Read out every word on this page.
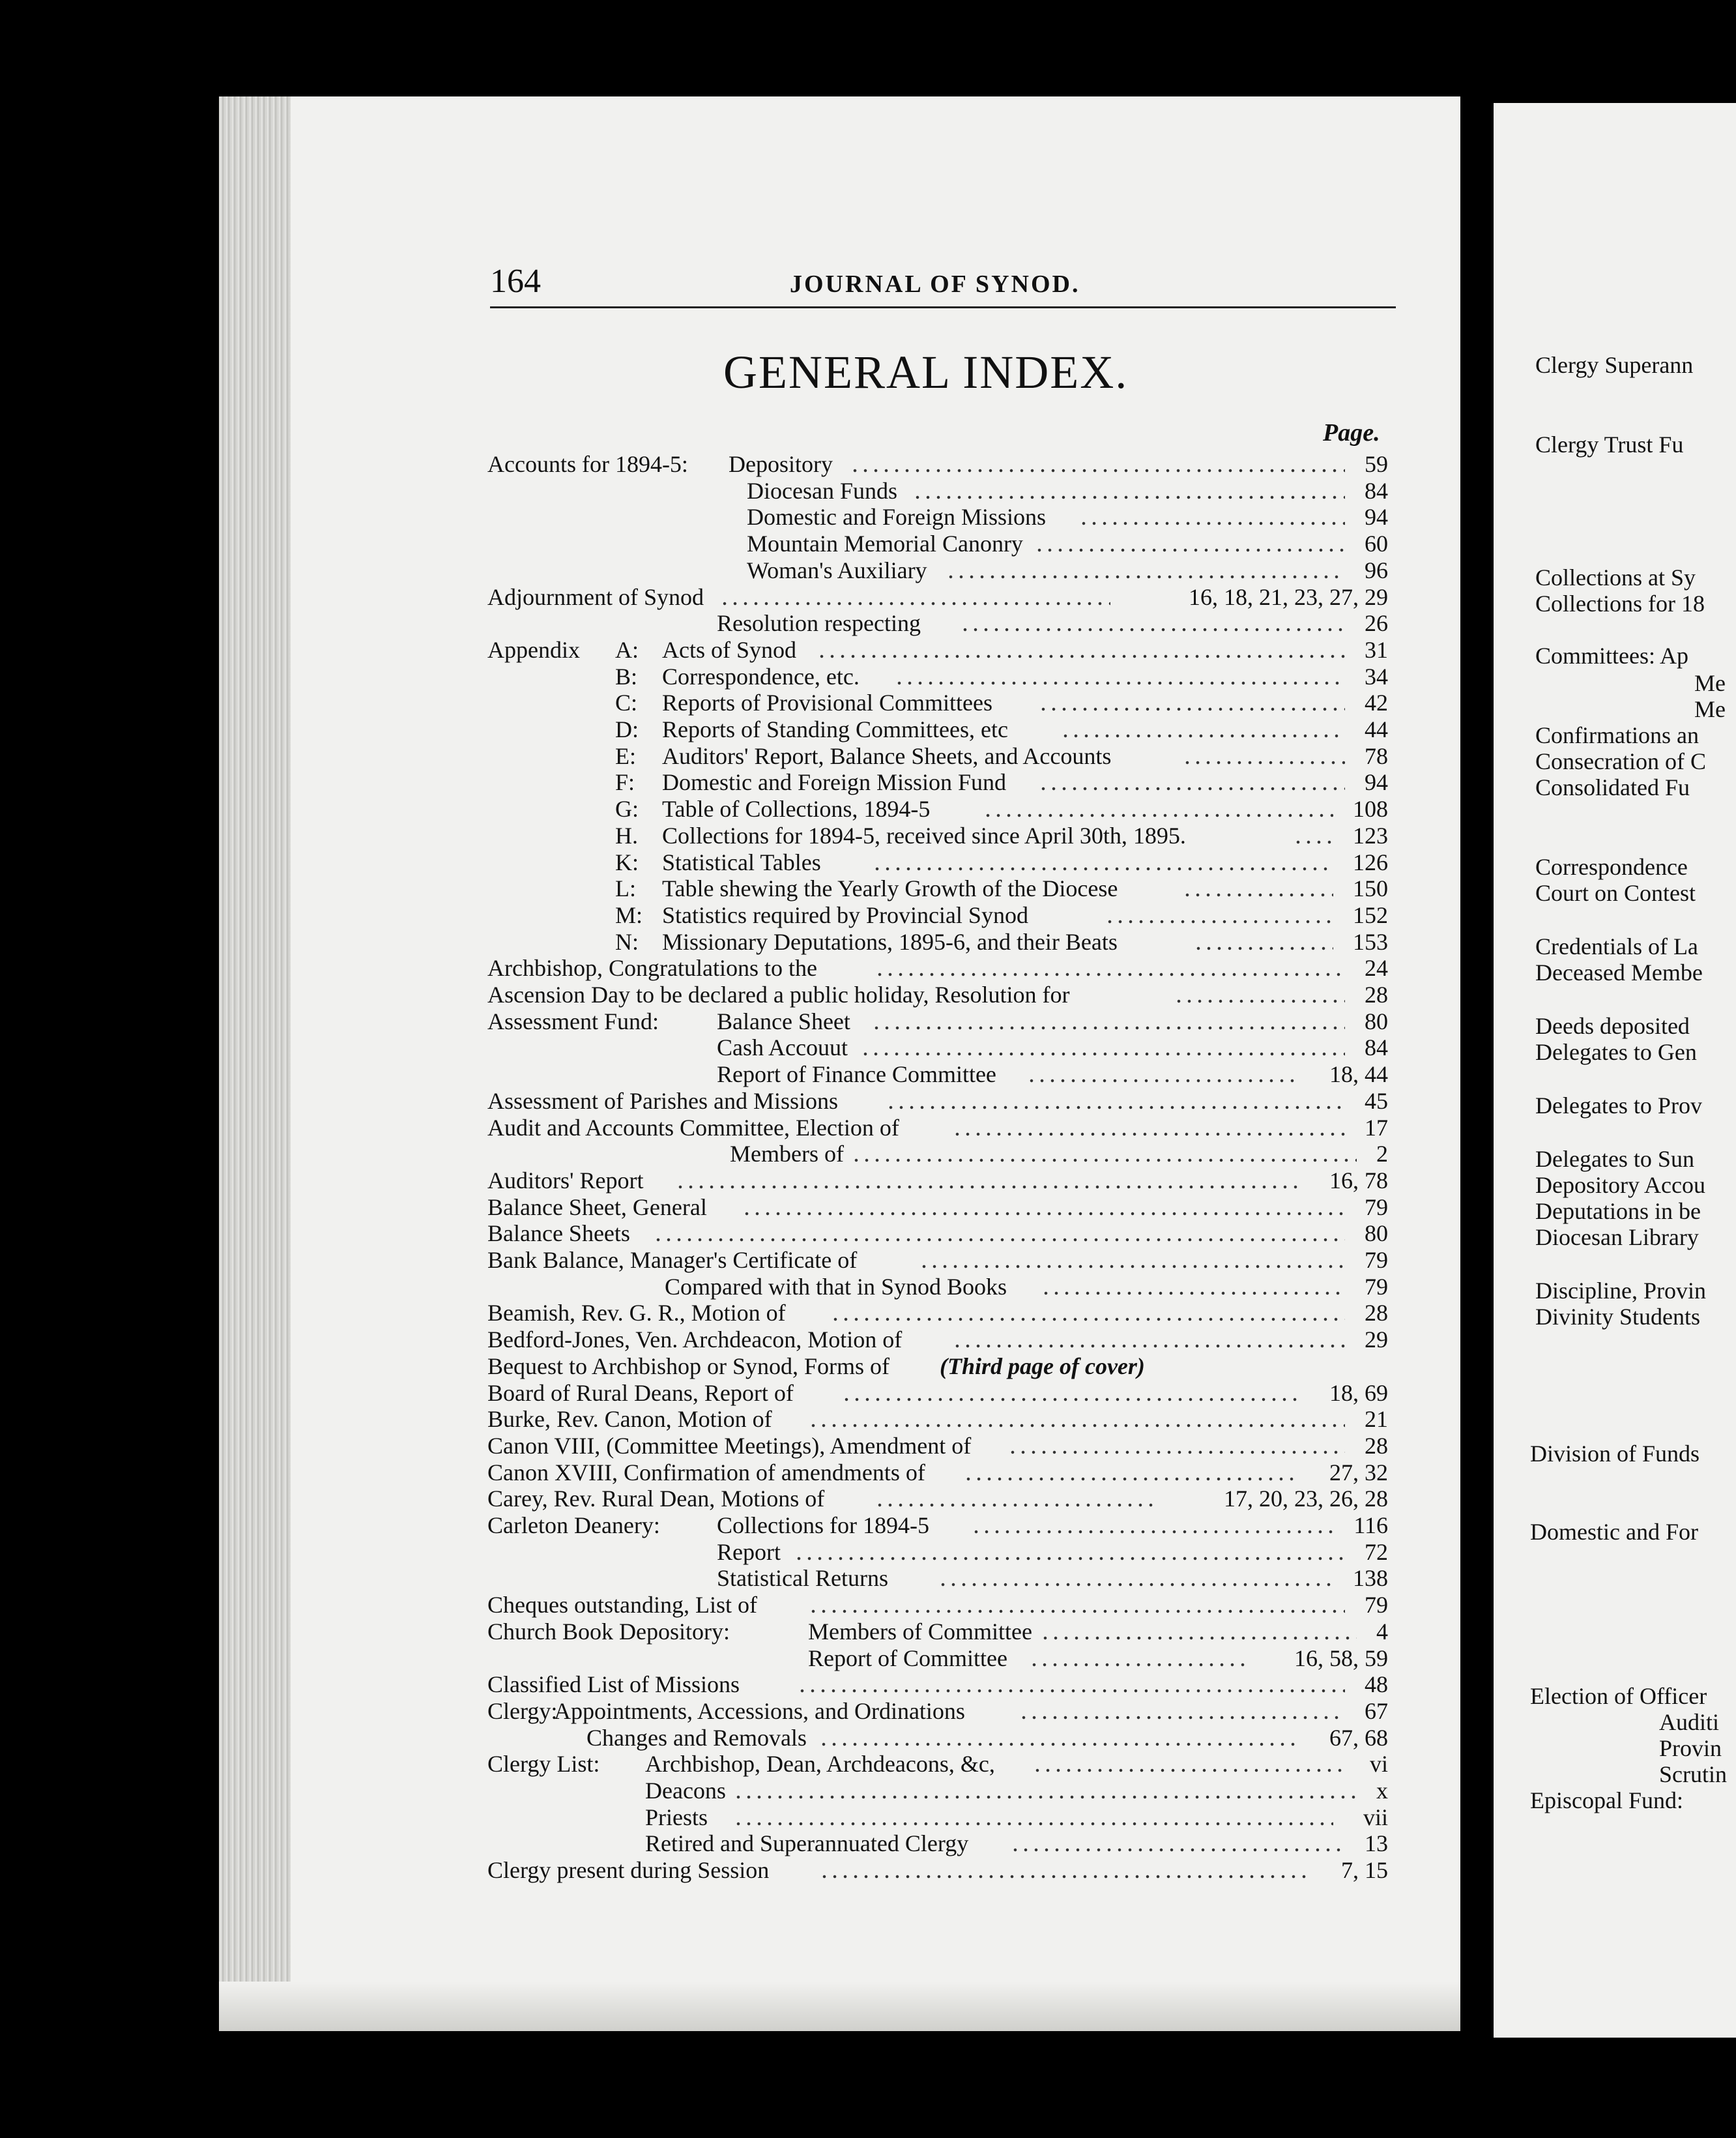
164	JOURNAL OF SYNOD.
GENERAL INDEX.
Page.
Accounts for 1894-5: Depository	59
Diocesan Funds	84
Domestic and Foreign Missions	94
Mountain Memorial Canonry	60
Woman's Auxiliary	96
Adjournment of Synod	16, 18, 21, 23, 27, 29
Resolution respecting	26
Appendix A: Acts of Synod	31
B: Correspondence, etc.	34
C: Reports of Provisional Committees	42
D: Reports of Standing Committees, etc	44
E: Auditors' Report, Balance Sheets, and Accounts	78
F: Domestic and Foreign Mission Fund	94
G: Table of Collections, 1894-5	108
H. Collections for 1894-5, received since April 30th, 1895.	123
K: Statistical Tables	126
L: Table shewing the Yearly Growth of the Diocese	150
M: Statistics required by Provincial Synod	152
N: Missionary Deputations, 1895-6, and their Beats	153
Archbishop, Congratulations to the	24
Ascension Day to be declared a public holiday, Resolution for	28
Assessment Fund: Balance Sheet	80
Cash Accouut	84
Report of Finance Committee	18, 44
Assessment of Parishes and Missions	45
Audit and Accounts Committee, Election of	17
Members of	2
Auditors' Report	16, 78
Balance Sheet, General	79
Balance Sheets	80
Bank Balance, Manager's Certificate of	79
Compared with that in Synod Books	79
Beamish, Rev. G. R., Motion of	28
Bedford-Jones, Ven. Archdeacon, Motion of	29
Bequest to Archbishop or Synod, Forms of (Third page of cover)
Board of Rural Deans, Report of	18, 69
Burke, Rev. Canon, Motion of	21
Canon VIII, (Committee Meetings), Amendment of	28
Canon XVIII, Confirmation of amendments of	27, 32
Carey, Rev. Rural Dean, Motions of	17, 20, 23, 26, 28
Carleton Deanery: Collections for 1894-5	116
Report	72
Statistical Returns	138
Cheques outstanding, List of	79
Church Book Depository:	Members of Committee	4
Report of Committee	16, 58, 59
Classified List of Missions	48
Clergy:
Appointments, Accessions, and Ordinations	67
Changes and Removals	67, 68
Clergy List: Archbishop, Dean, Archdeacons, &c,	vi
Deacons	x
Priests	vii
Retired and Superannuated Clergy	13
Clergy present during Session	7, 15
Clergy Superann
Clergy Trust Fu
Collections at Sy
Collections for 18
Committees: Ap
Me
Me
Confirmations an
Consecration of C
Consolidated Fu
Correspondence
Court on Contest
Credentials of La
Deceased Membe
Deeds deposited
Delegates to Gen
Delegates to Prov
Delegates to Sun
Depository Accou
Deputations in be
Diocesan Library
Discipline, Provin
Divinity Students
Division of Funds
Domestic and For
Election of Officer
Auditi
Provin
Scrutin
Episcopal Fund:
